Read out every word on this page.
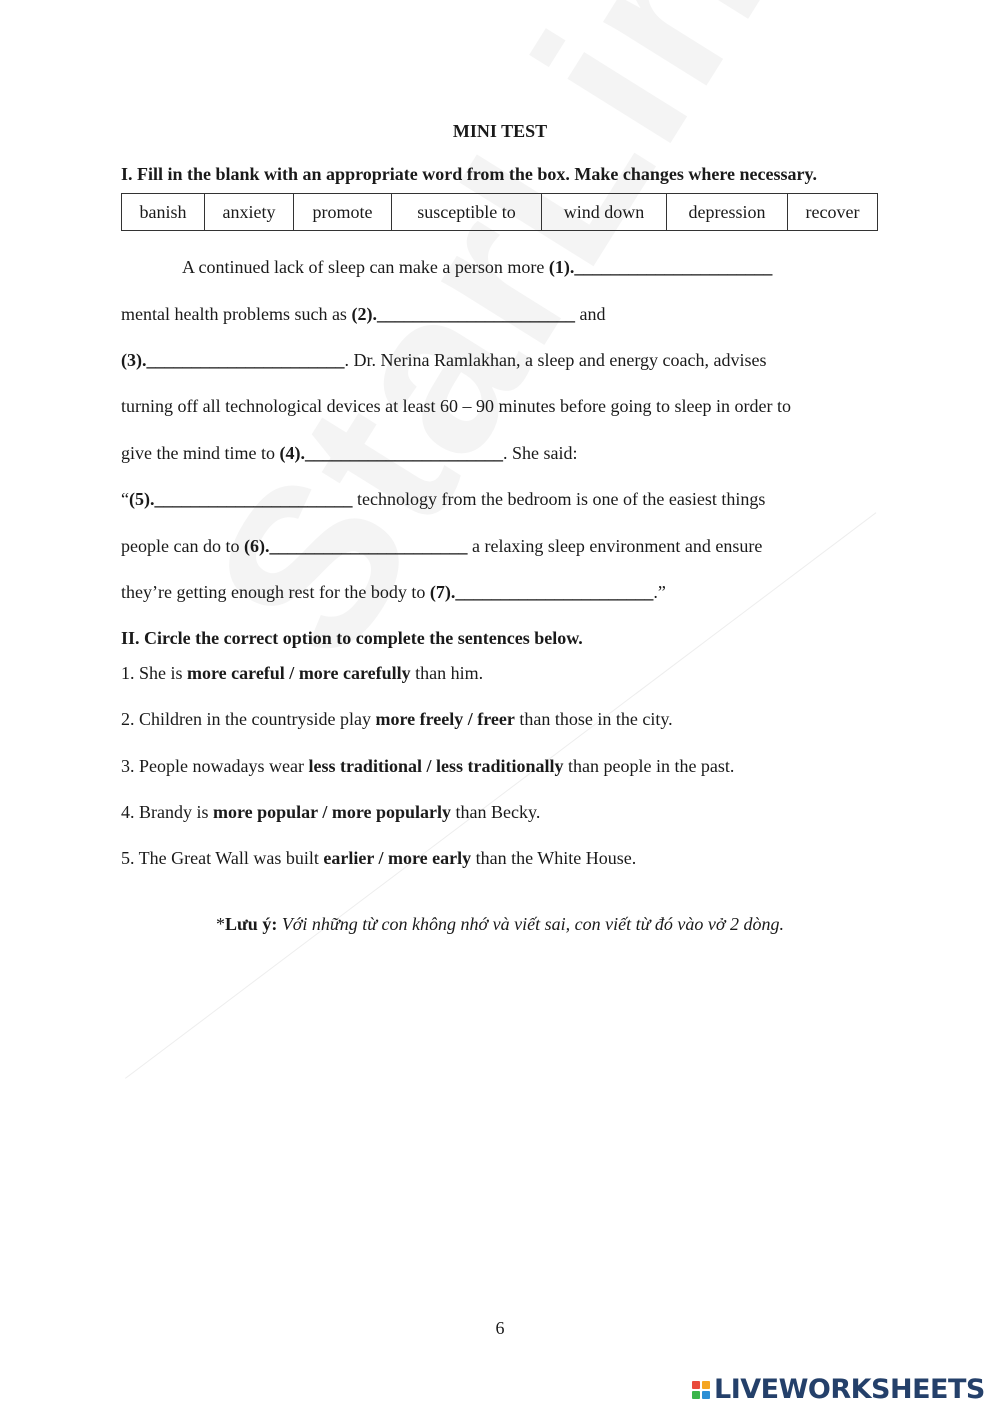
MINI TEST
I. Fill in the blank with an appropriate word from the box. Make changes where necessary.
banish	anxiety	promote	susceptible to	wind down	depression	recover
A continued lack of sleep can make a person more (1).______________________
mental health problems such as (2).______________________ and
(3).______________________. Dr. Nerina Ramlakhan, a sleep and energy coach, advises
turning off all technological devices at least 60 – 90 minutes before going to sleep in order to
give the mind time to (4).______________________. She said:
“(5).______________________ technology from the bedroom is one of the easiest things
people can do to (6).______________________ a relaxing sleep environment and ensure
they’re getting enough rest for the body to (7).______________________.”
II. Circle the correct option to complete the sentences below.
1. She is more careful / more carefully than him.
2. Children in the countryside play more freely / freer than those in the city.
3. People nowadays wear less traditional / less traditionally than people in the past.
4. Brandy is more popular / more popularly than Becky.
5. The Great Wall was built earlier / more early than the White House.
*Lưu ý: Với những từ con không nhớ và viết sai, con viết từ đó vào vở 2 dòng.
6
LIVEWORKSHEETS
